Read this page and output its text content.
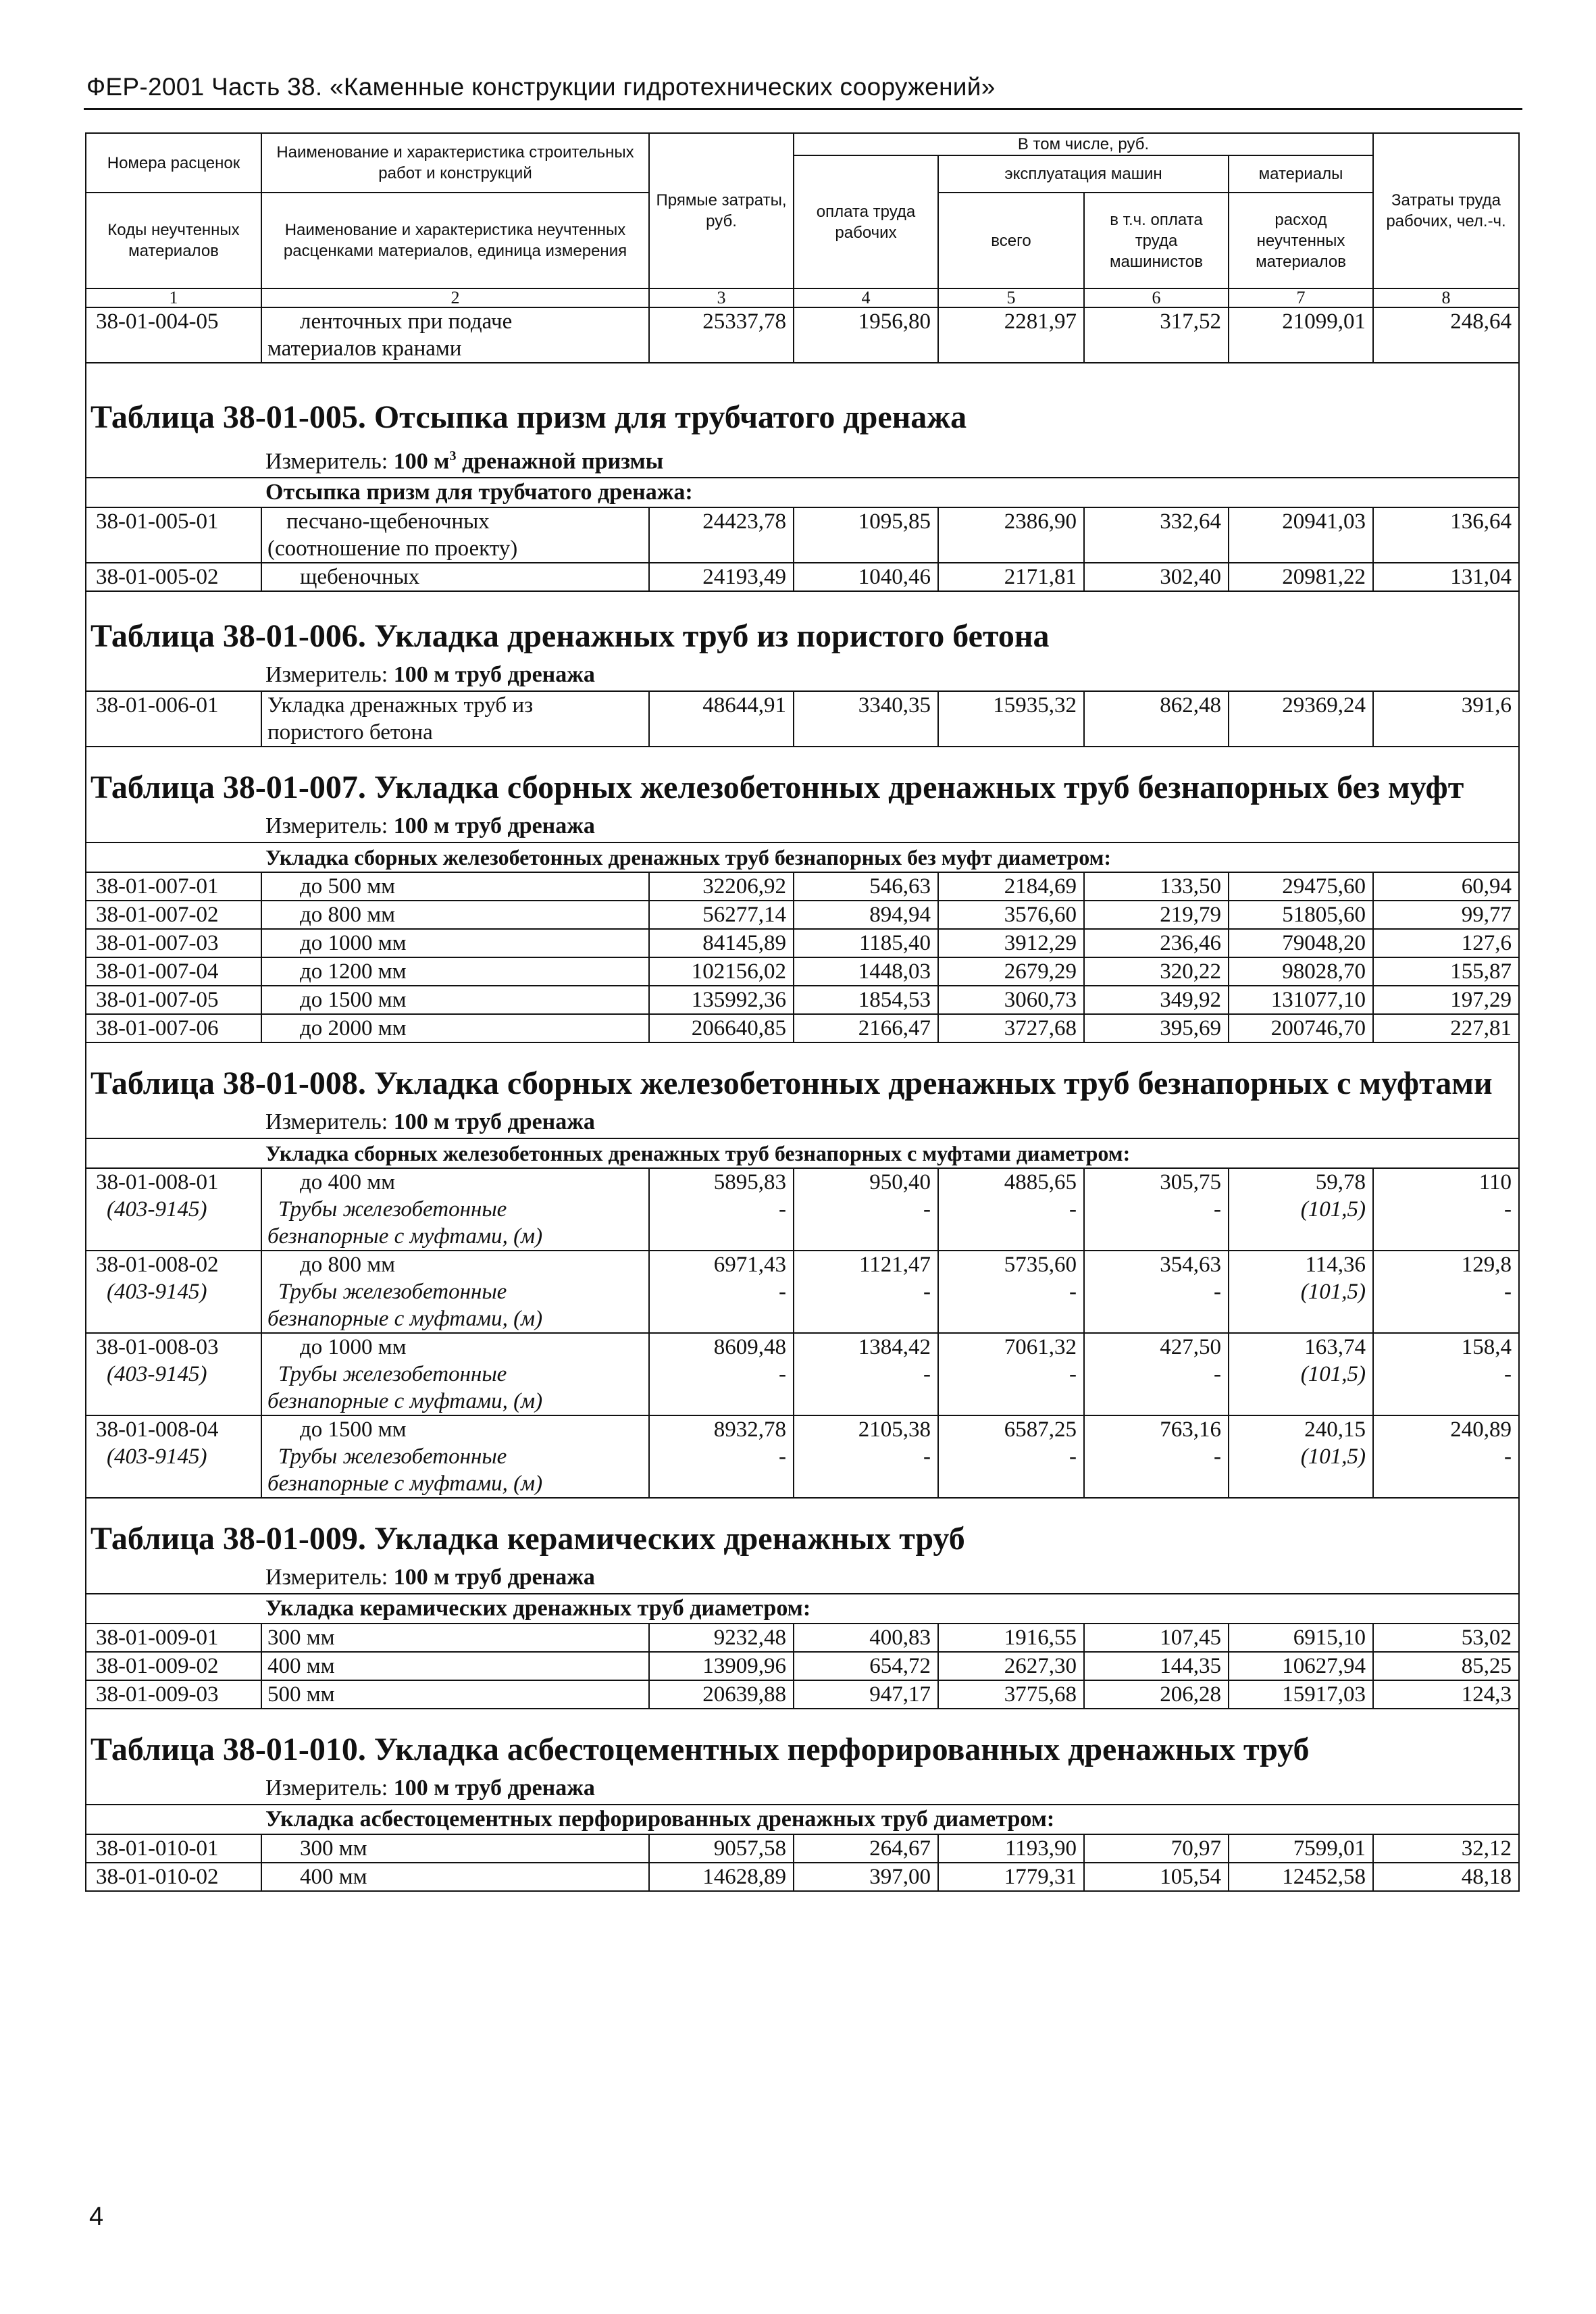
ФЕР-2001 Часть 38. «Каменные конструкции гидротехнических сооружений»
Номера расценок	Наименование и характеристика строительных работ и конструкций	Прямые затраты, руб.	В том числе, руб.				Затраты труда рабочих, чел.-ч.
			оплата труда рабочих	эксплуатация машин		материалы	
Коды неучтенных материалов	Наименование и характеристика неучтенных расценками материалов, единица измерения			всего	в т.ч. оплата труда машинистов	расход неучтенных материалов	

1	2	3	4	5	6	7	8
38-01-004-05	ленточных при подаче
материалов кранами	25337,78	1956,80	2281,97	317,52	21099,01	248,64
Таблица 38-01-005. Отсыпка призм для трубчатого дренажа							
	Измеритель: 100 $м^3$ дренажной призмы						
	Отсыпка призм для трубчатого дренажа:						
38-01-005-01	песчано-щебеночных
(соотношение по проекту)	24423,78	1095,85	2386,90	332,64	20941,03	136,64
38-01-005-02	щебеночных	24193,49	1040,46	2171,81	302,40	20981,22	131,04
Таблица 38-01-006. Укладка дренажных труб из пористого бетона							
	Измеритель: 100 м труб дренажа						
38-01-006-01	Укладка дренажных труб из
пористого бетона	48644,91	3340,35	15935,32	862,48	29369,24	391,6
Таблица 38-01-007. Укладка сборных железобетонных дренажных труб безнапорных без муфт							
	Измеритель: 100 м труб дренажа						
	Укладка сборных железобетонных дренажных труб безнапорных без муфт диаметром:						
38-01-007-01	до 500 мм	32206,92	546,63	2184,69	133,50	29475,60	60,94
38-01-007-02	до 800 мм	56277,14	894,94	3576,60	219,79	51805,60	99,77
38-01-007-03	до 1000 мм	84145,89	1185,40	3912,29	236,46	79048,20	127,6
38-01-007-04	до 1200 мм	102156,02	1448,03	2679,29	320,22	98028,70	155,87
38-01-007-05	до 1500 мм	135992,36	1854,53	3060,73	349,92	131077,10	197,29
38-01-007-06	до 2000 мм	206640,85	2166,47	3727,68	395,69	200746,70	227,81
Таблица 38-01-008. Укладка сборных железобетонных дренажных труб безнапорных с муфтами							
	Измеритель: 100 м труб дренажа						
	Укладка сборных железобетонных дренажных труб безнапорных с муфтами диаметром:						
38-01-008-01	до 400 мм	5895,83	950,40	4885,65	305,75	59,78	110
(403-9145)	Трубы железобетонные
безнапорные с муфтами, (м)	-	-	-	-	(101,5)	-
38-01-008-02	до 800 мм	6971,43	1121,47	5735,60	354,63	114,36	129,8
(403-9145)	Трубы железобетонные
безнапорные с муфтами, (м)	-	-	-	-	(101,5)	-
38-01-008-03	до 1000 мм	8609,48	1384,42	7061,32	427,50	163,74	158,4
(403-9145)	Трубы железобетонные
безнапорные с муфтами, (м)	-	-	-	-	(101,5)	-
38-01-008-04	до 1500 мм	8932,78	2105,38	6587,25	763,16	240,15	240,89
(403-9145)	Трубы железобетонные
безнапорные с муфтами, (м)	-	-	-	-	(101,5)	-
Таблица 38-01-009. Укладка керамических дренажных труб							
	Измеритель: 100 м труб дренажа						
	Укладка керамических дренажных труб диаметром:						
38-01-009-01	300 мм	9232,48	400,83	1916,55	107,45	6915,10	53,02
38-01-009-02	400 мм	13909,96	654,72	2627,30	144,35	10627,94	85,25
38-01-009-03	500 мм	20639,88	947,17	3775,68	206,28	15917,03	124,3
Таблица 38-01-010. Укладка асбестоцементных перфорированных дренажных труб							
	Измеритель: 100 м труб дренажа						
	Укладка асбестоцементных перфорированных дренажных труб диаметром:						
38-01-010-01	300 мм	9057,58	264,67	1193,90	70,97	7599,01	32,12
38-01-010-02	400 мм	14628,89	397,00	1779,31	105,54	12452,58	48,18
4
